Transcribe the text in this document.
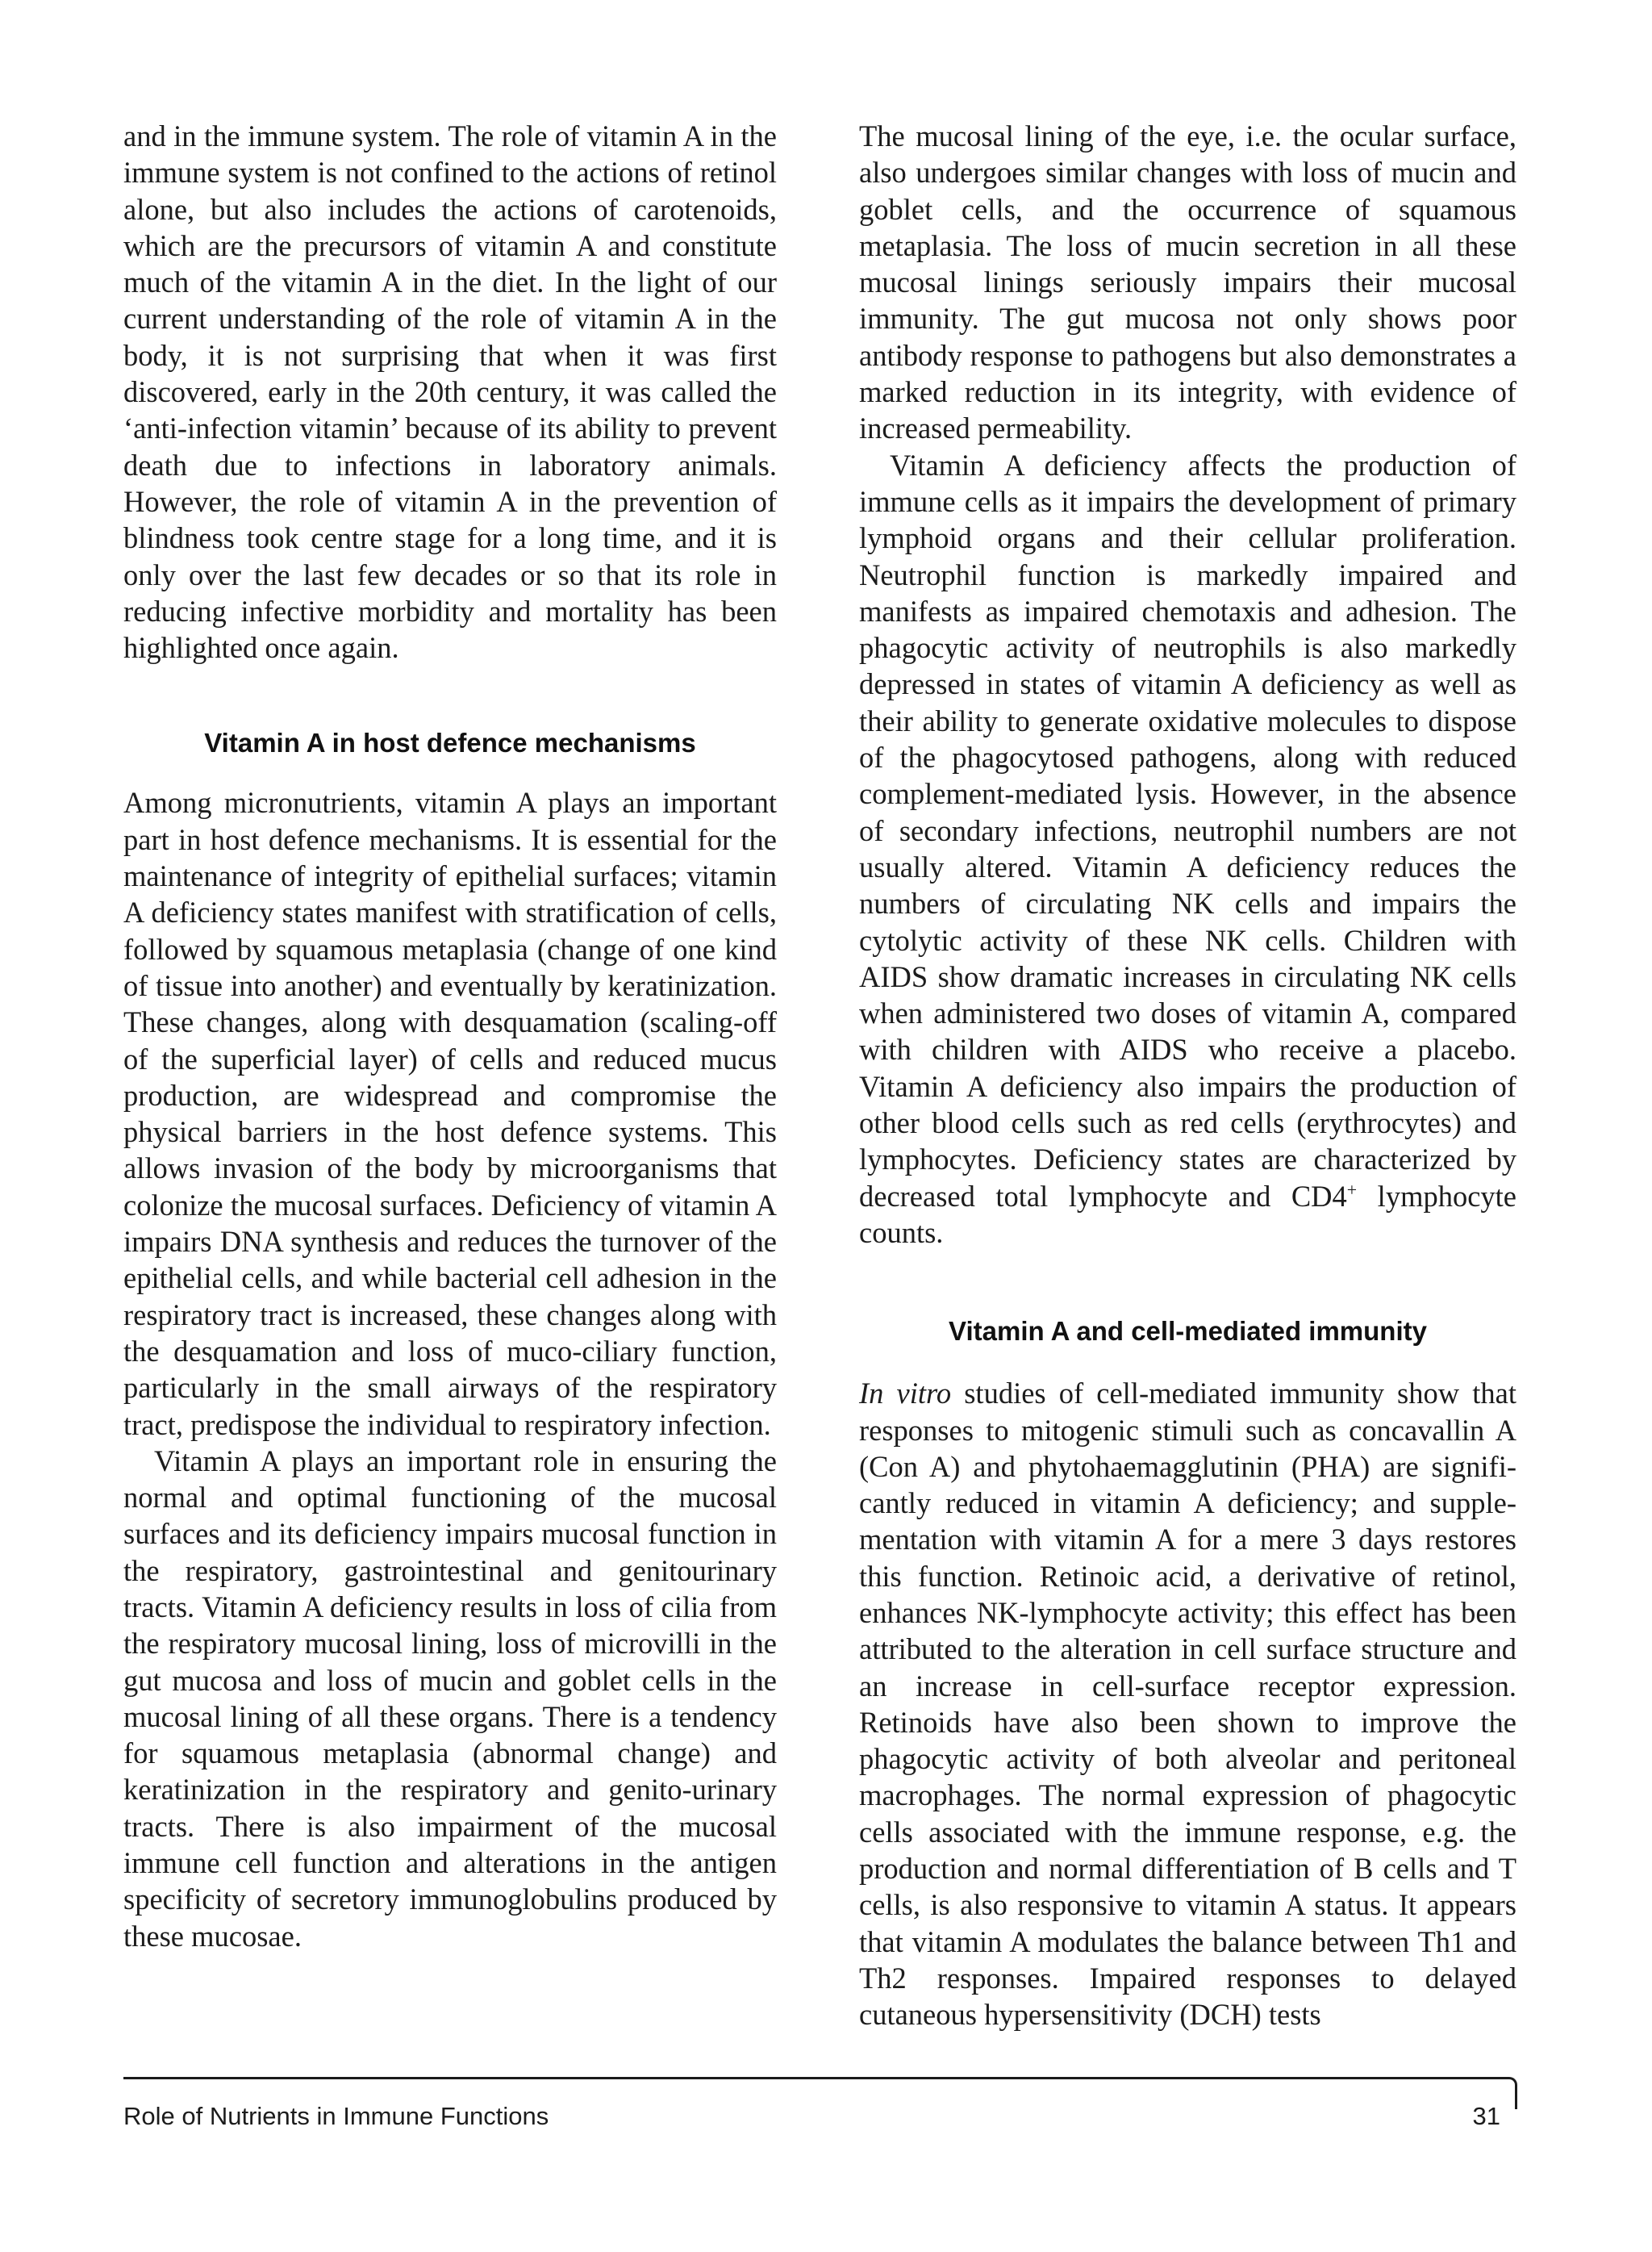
and in the immune system. The role of vitamin A in the immune system is not confined to the actions of retinol alone, but also includes the actions of carotenoids, which are the precursors of vitamin A and constitute much of the vitamin A in the diet. In the light of our current understanding of the role of vitamin A in the body, it is not surprising that when it was first discovered, early in the 20th century, it was called the ‘anti-infection vitamin’ because of its ability to prevent death due to infections in laboratory animals. However, the role of vitamin A in the prevention of blindness took centre stage for a long time, and it is only over the last few decades or so that its role in reducing infective morbidity and mortality has been highlighted once again.

Vitamin A in host defence mechanisms

Among micronutrients, vitamin A plays an important part in host defence mechanisms. It is essential for the maintenance of integrity of epithelial surfaces; vitamin A deficiency states manifest with stratification of cells, followed by squamous metaplasia (change of one kind of tissue into another) and eventually by keratinization. These changes, along with desquamation (scaling-off of the superficial layer) of cells and reduced mucus production, are widespread and compromise the physical barriers in the host defence systems. This allows invasion of the body by microorganisms that colonize the mucosal surfaces. Deficiency of vitamin A impairs DNA synthesis and reduces the turnover of the epithelial cells, and while bacterial cell adhesion in the respiratory tract is increased, these changes along with the desquamation and loss of muco-ciliary function, particularly in the small airways of the respiratory tract, predispose the individual to respiratory infection.

Vitamin A plays an important role in ensuring the normal and optimal functioning of the mucosal surfaces and its deficiency impairs mucosal function in the respiratory, gastrointestinal and genitourinary tracts. Vitamin A deficiency results in loss of cilia from the respiratory mucosal lining, loss of microvilli in the gut mucosa and loss of mucin and goblet cells in the mucosal lining of all these organs. There is a tendency for squamous metaplasia (abnormal change) and keratinization in the respiratory and genito-urinary tracts. There is also impairment of the mucosal immune cell function and alterations in the antigen specificity of secretory immunoglobulins produced by these mucosae.

The mucosal lining of the eye, i.e. the ocular surface, also undergoes similar changes with loss of mucin and goblet cells, and the occurrence of squamous metaplasia. The loss of mucin secretion in all these mucosal linings seriously impairs their mucosal immunity. The gut mucosa not only shows poor antibody response to pathogens but also demonstrates a marked reduction in its integrity, with evidence of increased permeability.

Vitamin A deficiency affects the production of immune cells as it impairs the development of primary lymphoid organs and their cellular proliferation. Neutrophil function is markedly impaired and manifests as impaired chemotaxis and adhesion. The phagocytic activity of neutrophils is also markedly depressed in states of vitamin A deficiency as well as their ability to generate oxidative molecules to dispose of the phagocytosed pathogens, along with reduced complement-mediated lysis. However, in the absence of secondary infections, neutrophil numbers are not usually altered. Vitamin A deficiency reduces the numbers of circulating NK cells and impairs the cytolytic activity of these NK cells. Children with AIDS show dramatic increases in circulating NK cells when administered two doses of vitamin A, compared with children with AIDS who receive a placebo. Vitamin A deficiency also impairs the production of other blood cells such as red cells (erythrocytes) and lymphocytes. Deficiency states are characterized by decreased total lymphocyte and CD4+ lymphocyte counts.

Vitamin A and cell-mediated immunity

In vitro studies of cell-mediated immunity show that responses to mitogenic stimuli such as concavallin A (Con A) and phytohaemagglutinin (PHA) are significantly reduced in vitamin A deficiency; and supplementation with vitamin A for a mere 3 days restores this function. Retinoic acid, a derivative of retinol, enhances NK-lymphocyte activity; this effect has been attributed to the alteration in cell surface structure and an increase in cell-surface receptor expression. Retinoids have also been shown to improve the phagocytic activity of both alveolar and peritoneal macrophages. The normal expression of phagocytic cells associated with the immune response, e.g. the production and normal differentiation of B cells and T cells, is also responsive to vitamin A status. It appears that vitamin A modulates the balance between Th1 and Th2 responses. Impaired responses to delayed cutaneous hypersensitivity (DCH) tests

Role of Nutrients in Immune Functions	31
